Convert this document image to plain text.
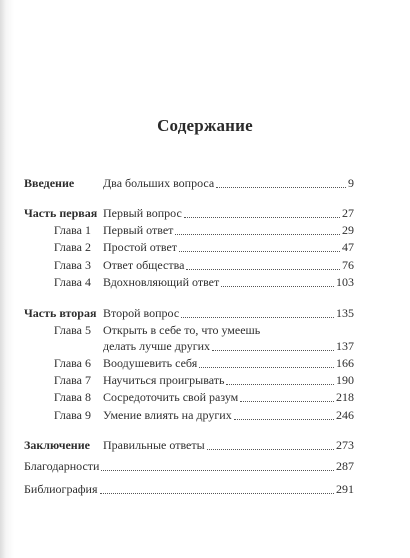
Содержание
Введение	Два больших вопроса	9
Часть первая Первый вопрос	27
Глава 1 Первый ответ	29
Глава 2 Простой ответ	47
Глава 3 Ответ общества	76
Глава 4 Вдохновляющий ответ	103
Часть вторая Второй вопрос	135
Глава 5 Открыть в себе то, что умеешь
делать лучше других	137
Глава 6 Воодушевить себя	166
Глава 7 Научиться проигрывать	190
Глава 8 Сосредоточить свой разум	218
Глава 9 Умение влиять на других	246
Заключение	Правильные ответы	273
Благодарности	287
Библиография	291
